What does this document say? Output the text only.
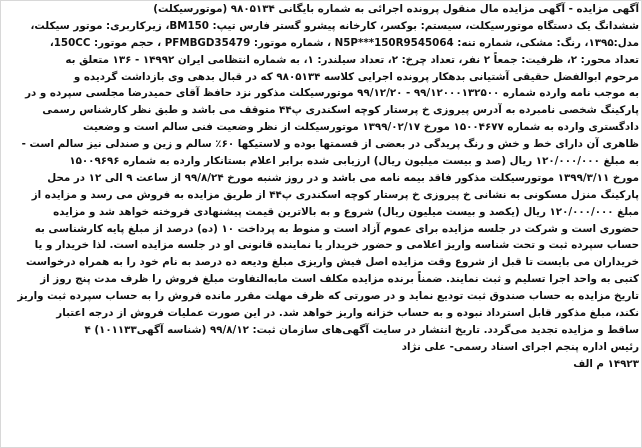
آگهی مزایده - آگهی مزایده مال منقول پرونده اجرائی به شماره بایگانی ۹۸۰۵۱۳۴ (موتورسیکلت)
ششدانگ یک دستگاه موتورسیکلت، سیستم: بوکسر، کارخانه پیشرو گستر فارس تیپ: BM150، زیرکاربری: موتور سیکلت،
مدل:۱۳۹۵، رنگ: مشکی، شماره تنه: N5P***150R9545064 ، شماره موتور: PFMBGD35479 ، حجم موتور: 150CC،
تعداد محور: ۲، ظرفیت: جمعاً ۲ نفر، تعداد چرخ: ۲، تعداد سیلندر: ۱، به شماره انتظامی ایران ۱۴۹۹۲ - ۱۳۶ متعلق به
مرحوم ابوالفضل حقیقی آشتیانی بدهکار پرونده اجرایی کلاسه ۹۸۰۵۱۳۴ که در قبال بدهی وی بازداشت گردیده و
به موجب نامه وارده شماره ۹۹/۱۲۰۰۰۱۳۲۵۰۰ - ۹۹/۱۲/۲۰ موتورسیکلت مذکور نزد حافظ آقای حمیدرضا مجلسی سپرده و در
پارکینگ شخصی نامبرده به آدرس پیروزی خ پرستار کوچه اسکندری پ۴۴ متوقف می باشد و طبق نظر کارشناس رسمی
دادگستری وارده به شماره ۱۵۰۰۴۶۷۷ مورخ ۱۳۹۹/۰۲/۱۷ موتورسیکلت از نظر وضعیت فنی سالم است و وضعیت
ظاهری آن دارای خط و خش و رنگ پریدگی در بعضی از قسمتها بوده و لاستیکها ۶۰٪ سالم و زین و صندلی نیز سالم است -
به مبلغ ۱۲۰/۰۰۰/۰۰۰ ریال (صد و بیست میلیون ریال) ارزیابی شده برابر اعلام بستانکار وارده به شماره ۱۵۰۰۹۶۹۶
مورخ ۱۳۹۹/۳/۱۱ موتورسیکلت مذکور فاقد بیمه نامه می باشد و در روز شنبه مورخ ۹۹/۸/۲۴ از ساعت ۹ الی ۱۲ در محل
پارکینگ منزل مسکونی به نشانی خ پیروزی خ پرستار کوچه اسکندری پ۴۴ از طریق مزایده به فروش می رسد و مزایده از
مبلغ ۱۲۰/۰۰۰/۰۰۰ ریال (یکصد و بیست میلیون ریال) شروع و به بالاترین قیمت پیشنهادی فروخته خواهد شد و مزایده
حضوری است و شرکت در جلسه مزایده برای عموم آزاد است و منوط به پرداخت ۱۰ (ده) درصد از مبلغ پایه کارشناسی به
حساب سپرده ثبت و تحت شناسه واریز اعلامی و حضور خریدار یا نماینده قانونی او در جلسه مزایده است. لذا خریدار و یا
خریداران می بایست تا قبل از شروع وقت مزایده اصل فیش واریزی مبلغ ودیعه ده درصد به نام خود را به همراه درخواست
کتبی به واحد اجرا تسلیم و ثبت نمایند. ضمناً برنده مزایده مکلف است مابه‌التفاوت مبلغ فروش را ظرف مدت پنج روز از
تاریخ مزایده به حساب صندوق ثبت تودیع نماید و در صورتی که ظرف مهلت مقرر مانده فروش را به حساب سپرده ثبت واریز
نکند، مبلغ مذکور قابل استرداد نبوده و به حساب خزانه واریز خواهد شد. در این صورت عملیات فروش از درجه اعتبار
ساقط و مزایده تجدید می‌گردد. تاریخ انتشار در سایت آگهی‌های سازمان ثبت: ۹۹/۸/۱۲ (شناسه آگهی۱۰۱۱۳۳) ۴
رئیس اداره پنجم اجرای اسناد رسمی- علی نژاد
۱۴۹۲۳ م الف
